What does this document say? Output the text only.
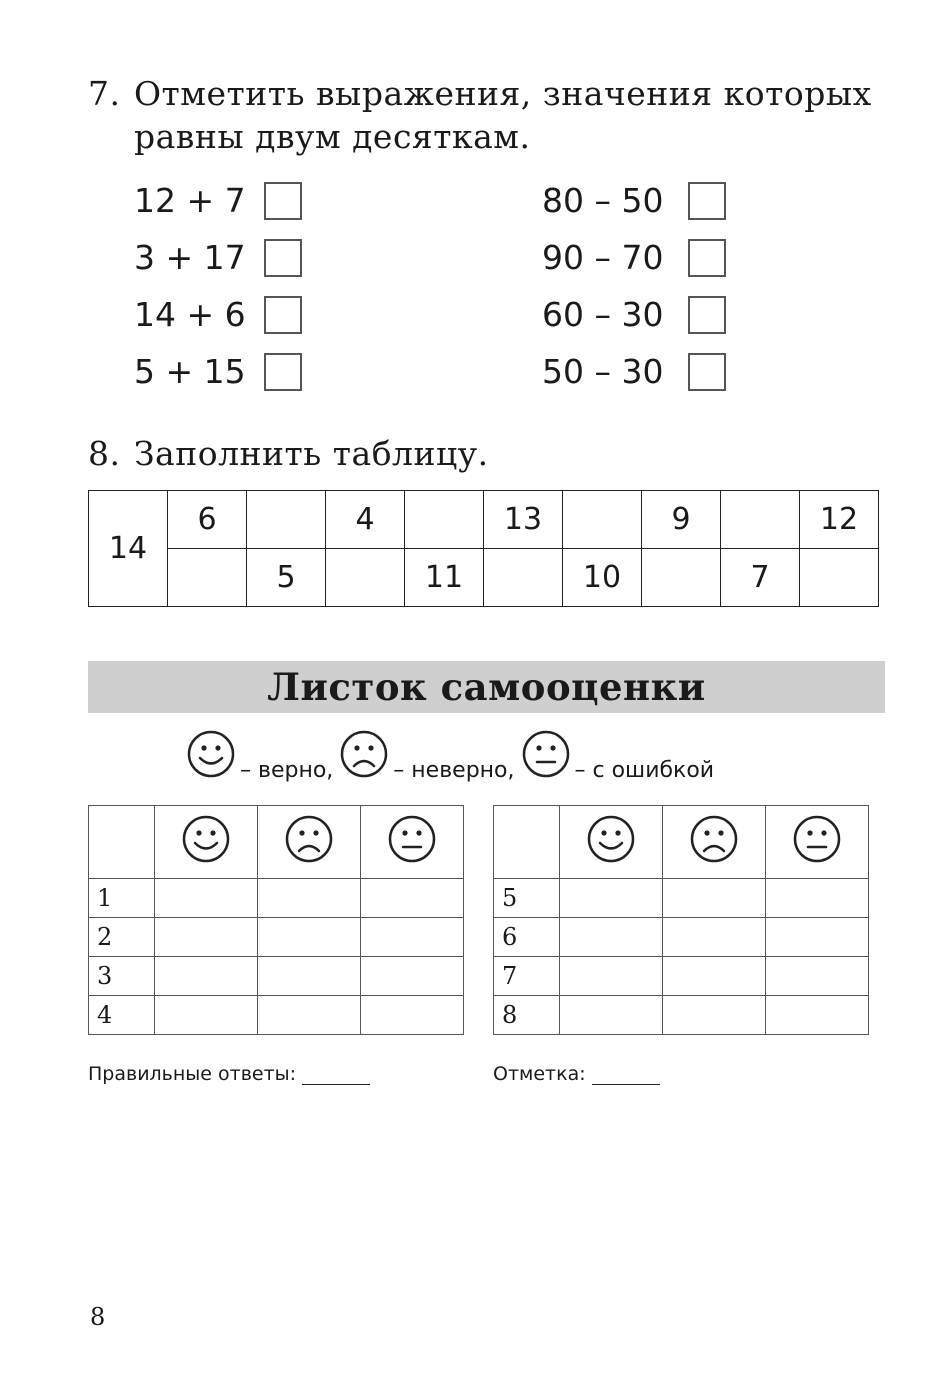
7. Отметить выражения, значения которых
равны двум десяткам.
12 + 7
3 + 17
14 + 6
5 + 15
80 – 50
90 – 70
60 – 30
50 – 30
8. Заполнить таблицу.
14	6		4		13		9		12
		5		11		10		7	
Листок самооценки
– верно,	– неверно,	– с ошибкой

1			
2			
3			
4			

5			
6			
7			
8			
Правильные ответы:	Отметка:
8
